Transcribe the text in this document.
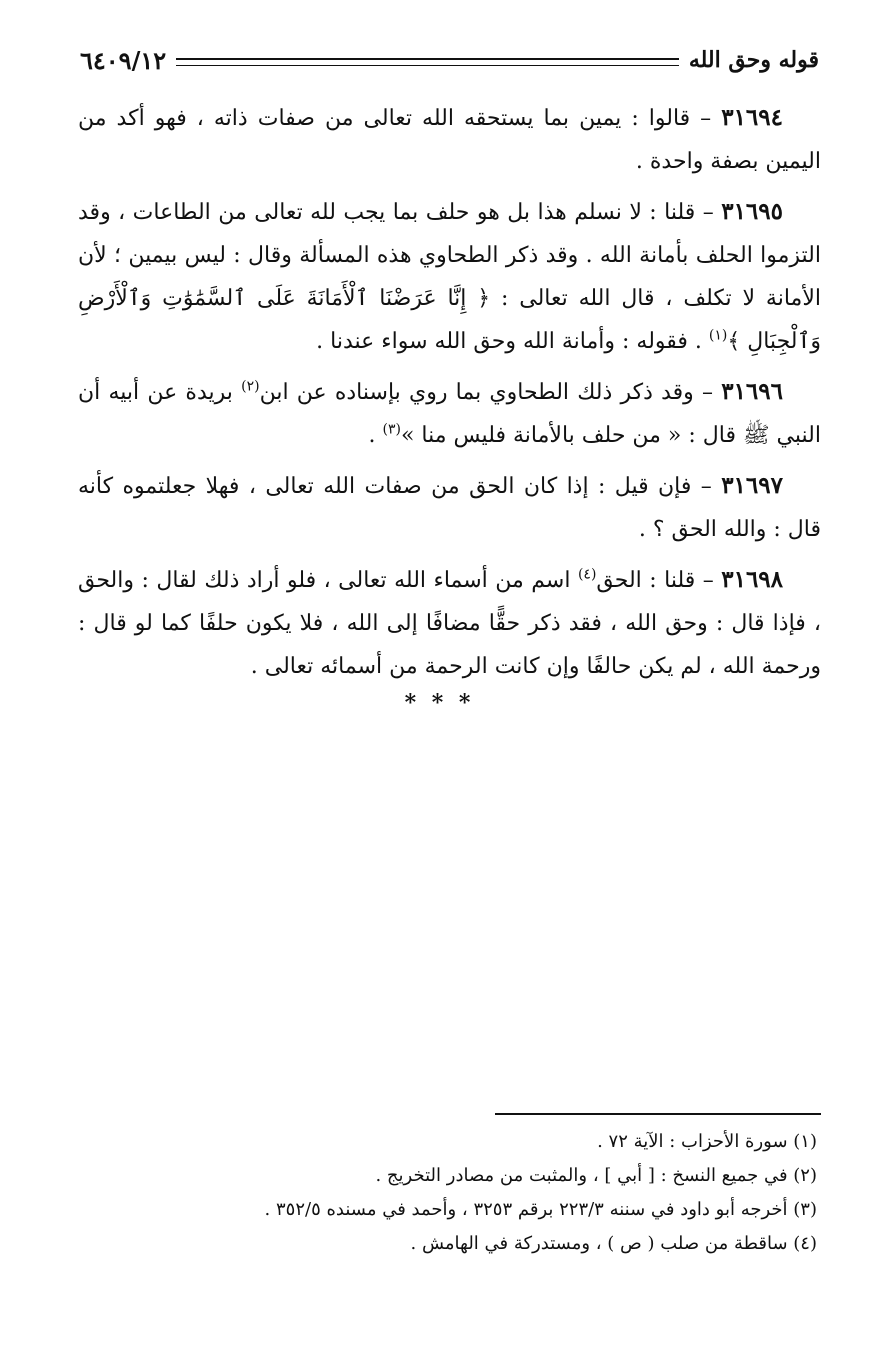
قوله وحق الله
٦٤٠٩/١٢

٣١٦٩٤ – قالوا : يمين بما يستحقه الله تعالى من صفات ذاته ، فهو أكد من اليمين بصفة واحدة .

٣١٦٩٥ – قلنا : لا نسلم هذا بل هو حلف بما يجب لله تعالى من الطاعات ، وقد التزموا الحلف بأمانة الله . وقد ذكر الطحاوي هذه المسألة وقال : ليس بيمين ؛ لأن الأمانة لا تكلف ، قال الله تعالى : ﴿ إِنَّا عَرَضْنَا ٱلْأَمَانَةَ عَلَى ٱلسَّمَٰوَٰتِ وَٱلْأَرْضِ وَٱلْجِبَالِ ﴾$^{(١)}$ . فقوله : وأمانة الله وحق الله سواء عندنا .

٣١٦٩٦ – وقد ذكر ذلك الطحاوي بما روي بإسناده عن ابن$^{(٢)}$ بريدة عن أبيه أن النبي ﷺ قال : « من حلف بالأمانة فليس منا »$^{(٣)}$ .

٣١٦٩٧ – فإن قيل : إذا كان الحق من صفات الله تعالى ، فهلا جعلتموه كأنه قال : والله الحق ؟ .

٣١٦٩٨ – قلنا : الحق$^{(٤)}$ اسم من أسماء الله تعالى ، فلو أراد ذلك لقال : والحق ، فإذا قال : وحق الله ، فقد ذكر حقًّا مضافًا إلى الله ، فلا يكون حلفًا كما لو قال : ورحمة الله ، لم يكن حالفًا وإن كانت الرحمة من أسمائه تعالى .

* * *

(١) سورة الأحزاب : الآية ٧٢ .

(٢) في جميع النسخ : [ أبي ] ، والمثبت من مصادر التخريج .

(٣) أخرجه أبو داود في سننه ٢٢٣/٣ برقم ٣٢٥٣ ، وأحمد في مسنده ٣٥٢/٥ .

(٤) ساقطة من صلب ( ص ) ، ومستدركة في الهامش .
